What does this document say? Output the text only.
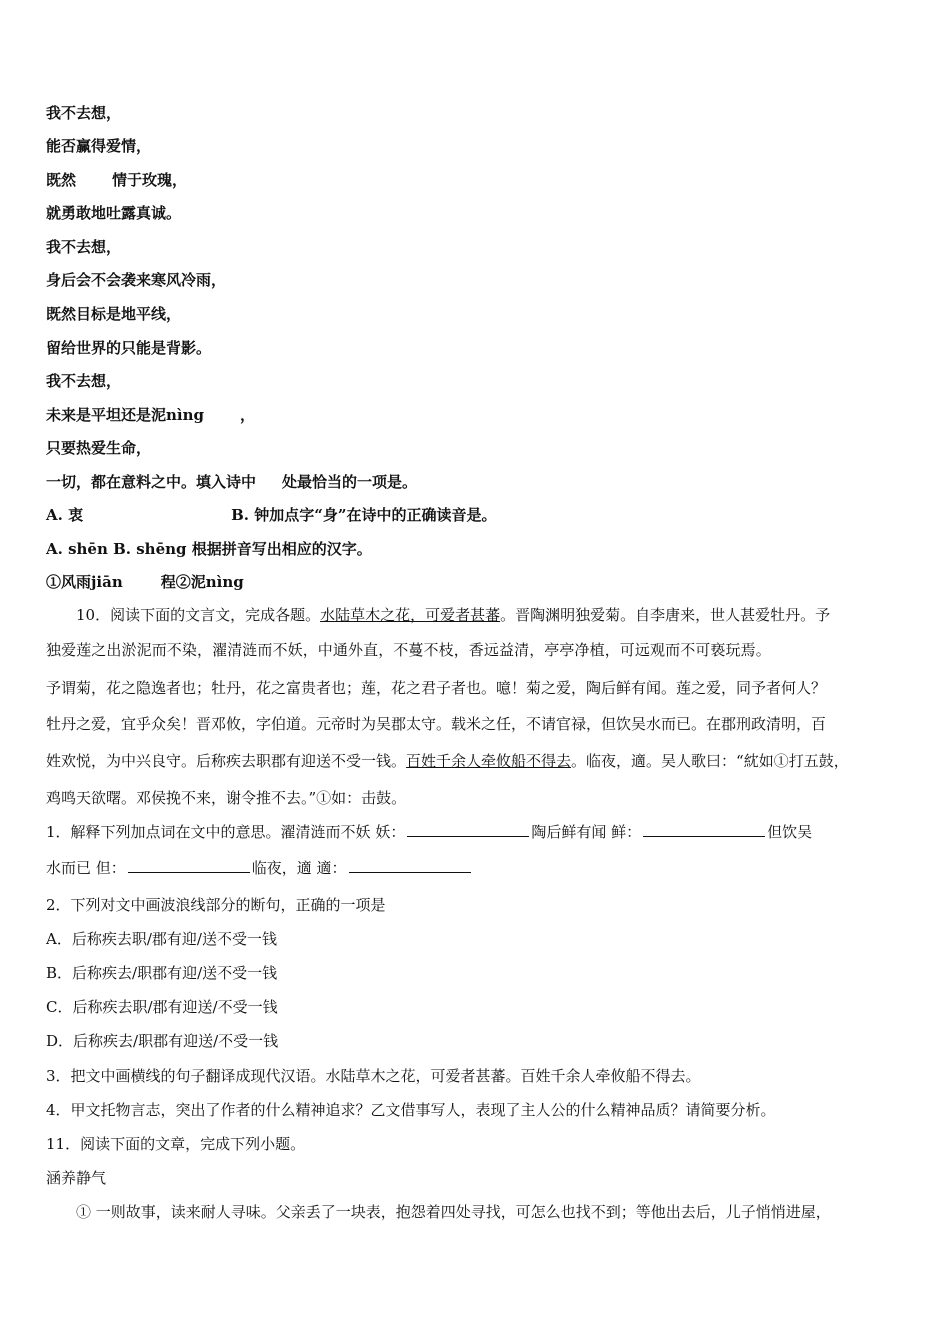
我不去想，
能否赢得爱情，
既然 情于玫瑰，
就勇敢地吐露真诚。
我不去想，
身后会不会袭来寒风冷雨，
既然目标是地平线，
留给世界的只能是背影。
我不去想，
未来是平坦还是泥nìng ，
只要热爱生命，
一切，都在意料之中。填入诗中 处最恰当的一项是。
A. 衷	B. 钟加点字“身”在诗中的正确读音是。
A. shēn B. shēng 根据拼音写出相应的汉字。
①风雨jiān	程②泥nìng
10．阅读下面的文言文，完成各题。水陆草木之花，可爱者甚蕃。晋陶渊明独爱菊。自李唐来，世人甚爱牡丹。予
独爱莲之出淤泥而不染，濯清涟而不妖，中通外直，不蔓不枝，香远益清，亭亭净植，可远观而不可亵玩焉。
予谓菊，花之隐逸者也；牡丹，花之富贵者也；莲，花之君子者也。噫！菊之爱，陶后鲜有闻。莲之爱，同予者何人？
牡丹之爱，宜乎众矣！晋邓攸，字伯道。元帝时为吴郡太守。载米之任，不请官禄，但饮吴水而已。在郡刑政清明，百
姓欢悦，为中兴良守。后称疾去职郡有迎送不受一钱。百姓千余人牵攸船不得去。临夜，適。吴人歌曰：“紞如①打五鼓，
鸡鸣天欲曙。邓侯挽不来，谢令推不去。”①如：击鼓。
1．解释下列加点词在文中的意思。濯清涟而不妖 妖：	陶后鲜有闻 鲜：	但饮吴
水而已 但：	临夜，適 適：
2．下列对文中画波浪线部分的断句，正确的一项是
A．后称疾去职/郡有迎/送不受一钱
B．后称疾去/职郡有迎/送不受一钱
C．后称疾去职/郡有迎送/不受一钱
D．后称疾去/职郡有迎送/不受一钱
3．把文中画横线的句子翻译成现代汉语。水陆草木之花，可爱者甚蕃。百姓千余人牵攸船不得去。
4．甲文托物言志，突出了作者的什么精神追求？乙文借事写人，表现了主人公的什么精神品质？请简要分析。
11．阅读下面的文章，完成下列小题。
涵养静气
① 一则故事，读来耐人寻味。父亲丢了一块表，抱怨着四处寻找，可怎么也找不到；等他出去后，儿子悄悄进屋，
